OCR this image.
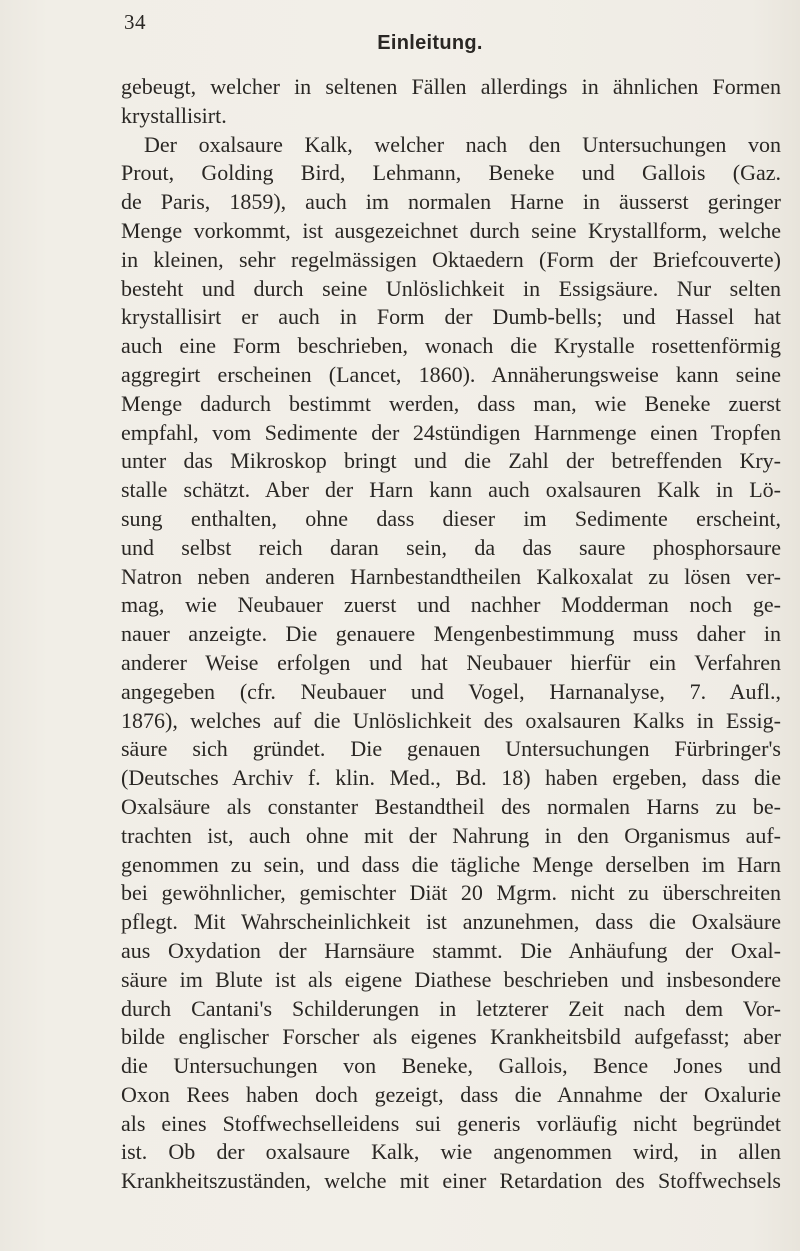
34
Einleitung.
gebeugt, welcher in seltenen Fällen allerdings in ähnlichen Formen
krystallisirt.
Der oxalsaure Kalk, welcher nach den Untersuchungen von
Prout, Golding Bird, Lehmann, Beneke und Gallois (Gaz.
de Paris, 1859), auch im normalen Harne in äusserst geringer
Menge vorkommt, ist ausgezeichnet durch seine Krystallform, welche
in kleinen, sehr regelmässigen Oktaedern (Form der Briefcouverte)
besteht und durch seine Unlöslichkeit in Essigsäure. Nur selten
krystallisirt er auch in Form der Dumb-bells; und Hassel hat
auch eine Form beschrieben, wonach die Krystalle rosettenförmig
aggregirt erscheinen (Lancet, 1860). Annäherungsweise kann seine
Menge dadurch bestimmt werden, dass man, wie Beneke zuerst
empfahl, vom Sedimente der 24stündigen Harnmenge einen Tropfen
unter das Mikroskop bringt und die Zahl der betreffenden Kry-
stalle schätzt. Aber der Harn kann auch oxalsauren Kalk in Lö-
sung enthalten, ohne dass dieser im Sedimente erscheint,
und selbst reich daran sein, da das saure phosphorsaure
Natron neben anderen Harnbestandtheilen Kalkoxalat zu lösen ver-
mag, wie Neubauer zuerst und nachher Modderman noch ge-
nauer anzeigte. Die genauere Mengenbestimmung muss daher in
anderer Weise erfolgen und hat Neubauer hierfür ein Verfahren
angegeben (cfr. Neubauer und Vogel, Harnanalyse, 7. Aufl.,
1876), welches auf die Unlöslichkeit des oxalsauren Kalks in Essig-
säure sich gründet. Die genauen Untersuchungen Fürbringer's
(Deutsches Archiv f. klin. Med., Bd. 18) haben ergeben, dass die
Oxalsäure als constanter Bestandtheil des normalen Harns zu be-
trachten ist, auch ohne mit der Nahrung in den Organismus auf-
genommen zu sein, und dass die tägliche Menge derselben im Harn
bei gewöhnlicher, gemischter Diät 20 Mgrm. nicht zu überschreiten
pflegt. Mit Wahrscheinlichkeit ist anzunehmen, dass die Oxalsäure
aus Oxydation der Harnsäure stammt. Die Anhäufung der Oxal-
säure im Blute ist als eigene Diathese beschrieben und insbesondere
durch Cantani's Schilderungen in letzterer Zeit nach dem Vor-
bilde englischer Forscher als eigenes Krankheitsbild aufgefasst; aber
die Untersuchungen von Beneke, Gallois, Bence Jones und
Oxon Rees haben doch gezeigt, dass die Annahme der Oxalurie
als eines Stoffwechselleidens sui generis vorläufig nicht begründet
ist. Ob der oxalsaure Kalk, wie angenommen wird, in allen
Krankheitszuständen, welche mit einer Retardation des Stoffwechsels
